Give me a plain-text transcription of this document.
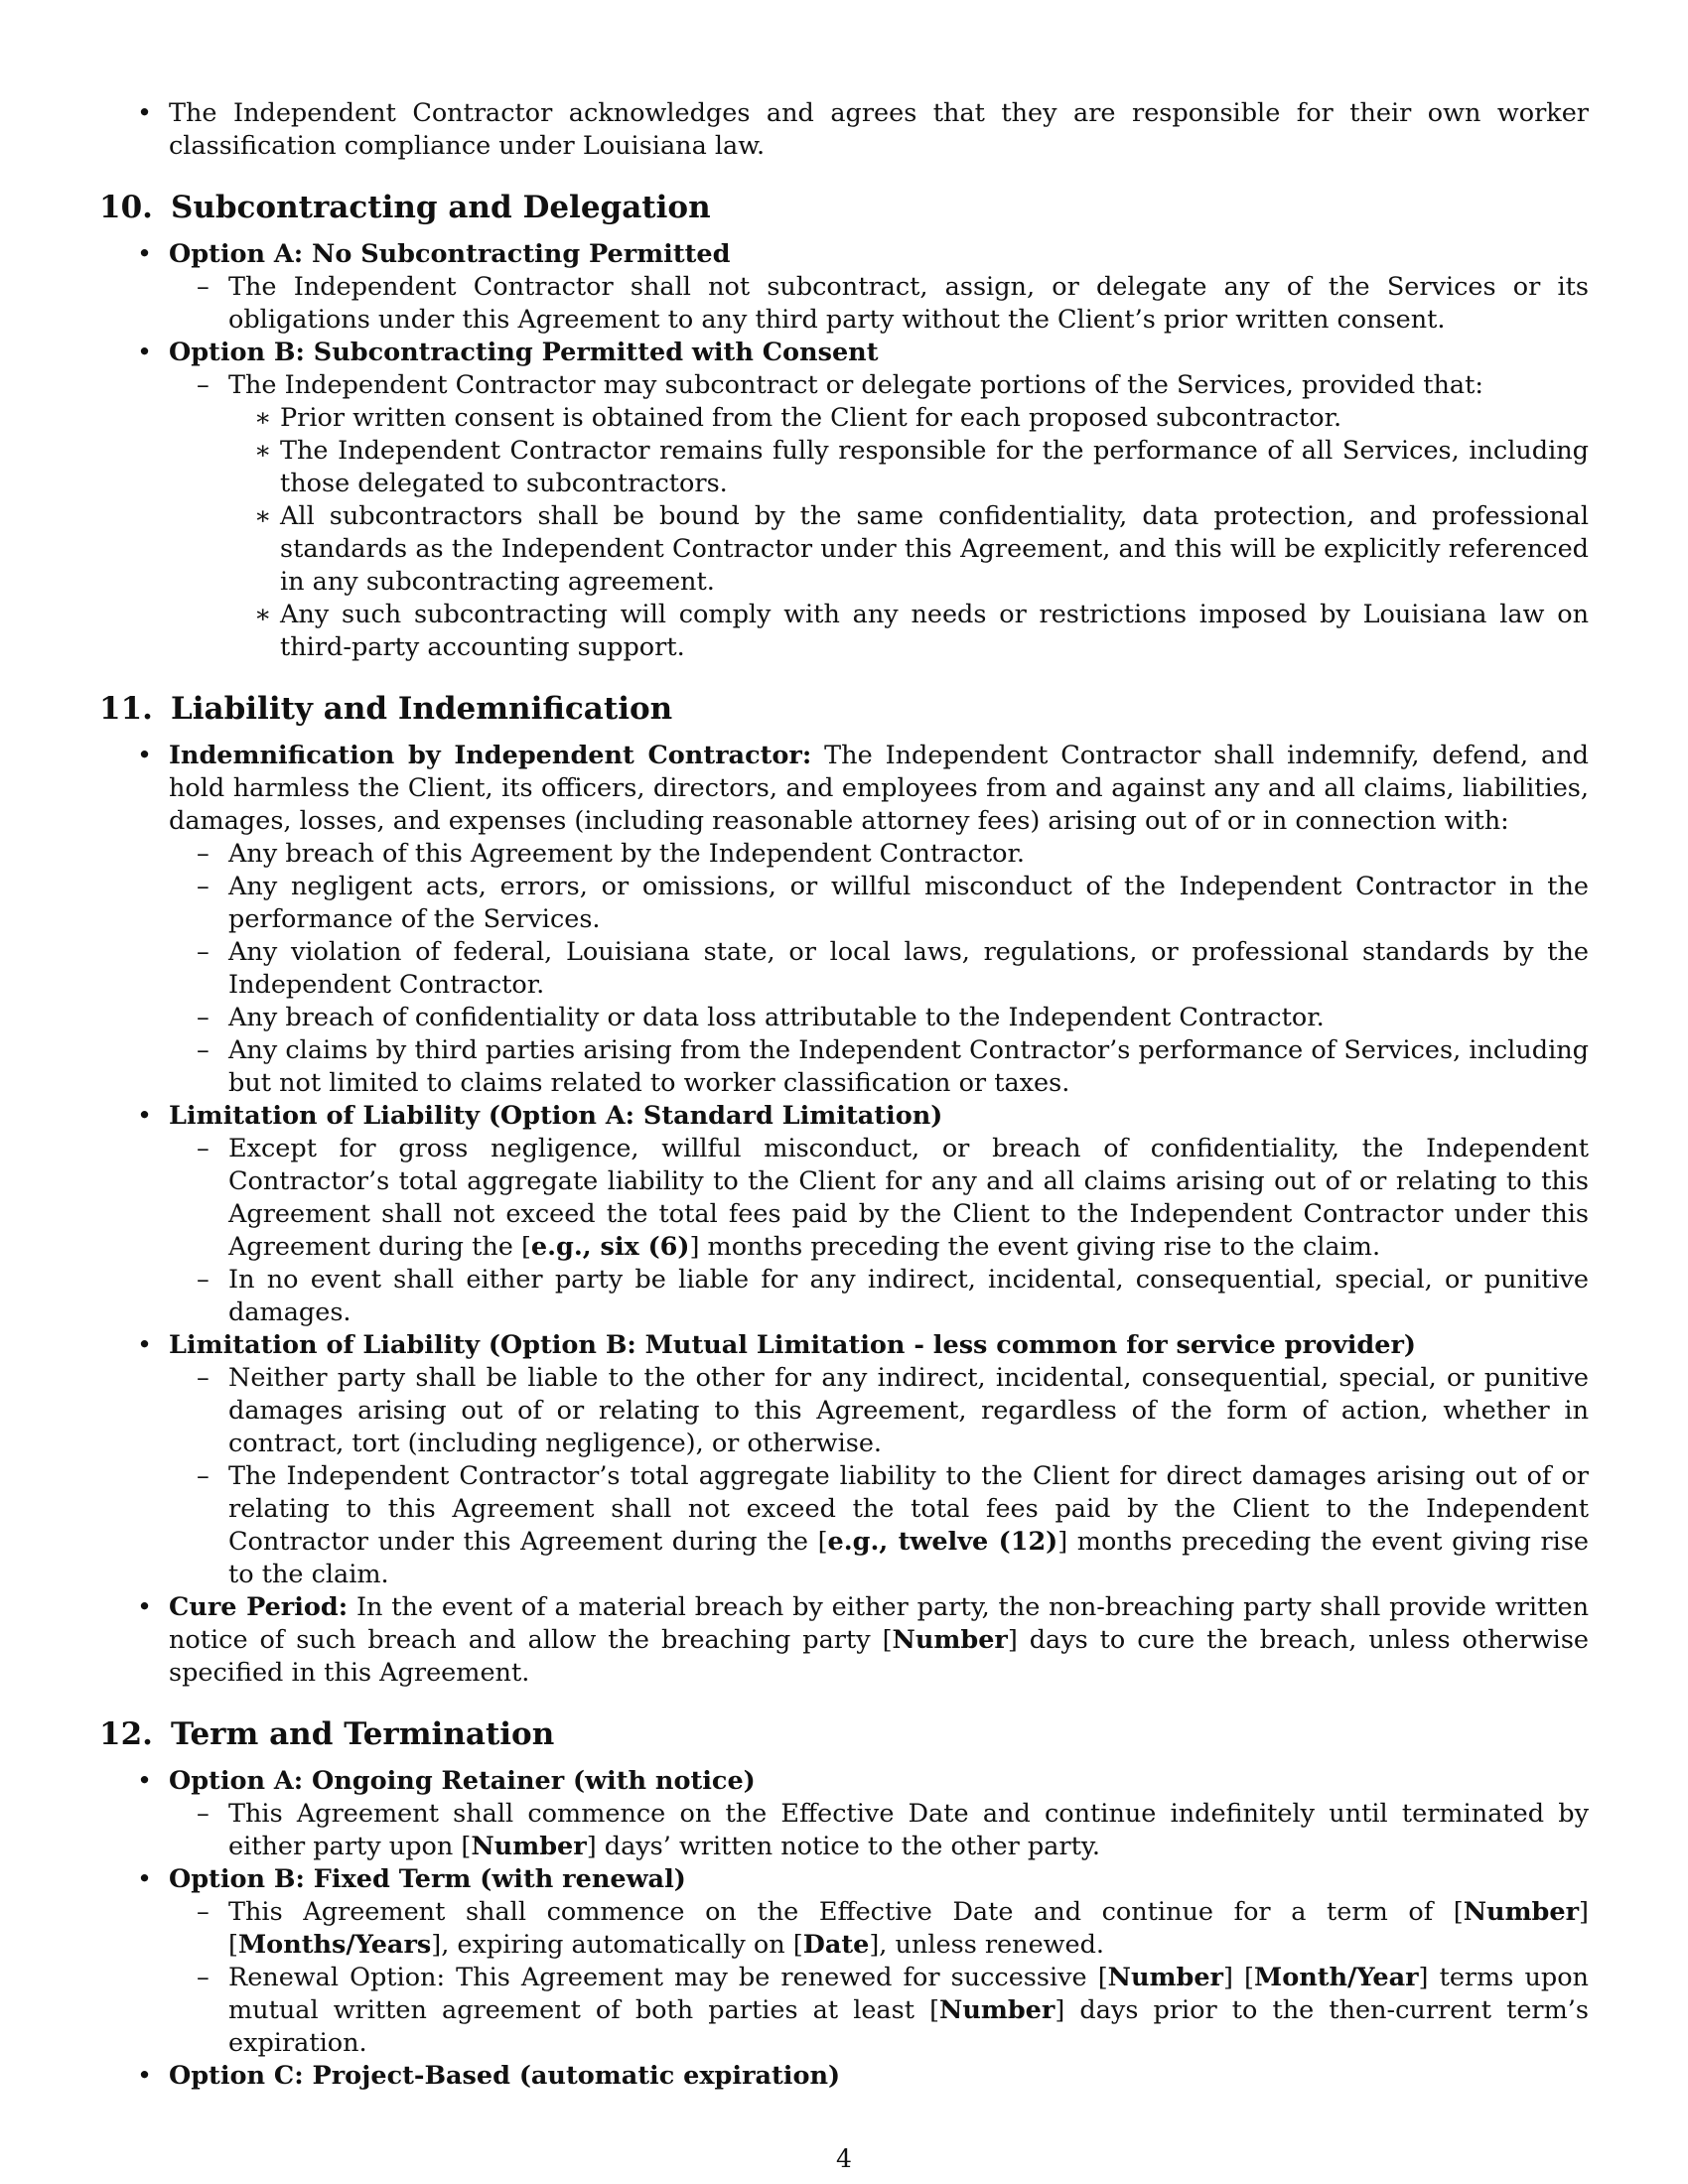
• The Independent Contractor acknowledges and agrees that they are responsible for their own worker classification compliance under Louisiana law.

10. Subcontracting and Delegation
• Option A: No Subcontracting Permitted

– The Independent Contractor shall not subcontract, assign, or delegate any of the Services or its obligations under this Agreement to any third party without the Client’s prior written consent.

• Option B: Subcontracting Permitted with Consent

– The Independent Contractor may subcontract or delegate portions of the Services, provided that:

∗ Prior written consent is obtained from the Client for each proposed subcontractor.

∗ The Independent Contractor remains fully responsible for the performance of all Services, including those delegated to subcontractors.

∗ All subcontractors shall be bound by the same confidentiality, data protection, and professional standards as the Independent Contractor under this Agreement, and this will be explicitly referenced in any subcontracting agreement.

∗ Any such subcontracting will comply with any needs or restrictions imposed by Louisiana law on third-party accounting support.

11. Liability and Indemnification
• Indemnification by Independent Contractor: The Independent Contractor shall indemnify, defend, and hold harmless the Client, its officers, directors, and employees from and against any and all claims, liabilities, damages, losses, and expenses (including reasonable attorney fees) arising out of or in connection with:

– Any breach of this Agreement by the Independent Contractor.

– Any negligent acts, errors, or omissions, or willful misconduct of the Independent Contractor in the performance of the Services.

– Any violation of federal, Louisiana state, or local laws, regulations, or professional standards by the Independent Contractor.

– Any breach of confidentiality or data loss attributable to the Independent Contractor.

– Any claims by third parties arising from the Independent Contractor’s performance of Services, including but not limited to claims related to worker classification or taxes.

• Limitation of Liability (Option A: Standard Limitation)

– Except for gross negligence, willful misconduct, or breach of confidentiality, the Independent Contractor’s total aggregate liability to the Client for any and all claims arising out of or relating to this Agreement shall not exceed the total fees paid by the Client to the Independent Contractor under this Agreement during the [e.g., six (6)] months preceding the event giving rise to the claim.

– In no event shall either party be liable for any indirect, incidental, consequential, special, or punitive damages.

• Limitation of Liability (Option B: Mutual Limitation - less common for service provider)

– Neither party shall be liable to the other for any indirect, incidental, consequential, special, or punitive damages arising out of or relating to this Agreement, regardless of the form of action, whether in contract, tort (including negligence), or otherwise.

– The Independent Contractor’s total aggregate liability to the Client for direct damages arising out of or relating to this Agreement shall not exceed the total fees paid by the Client to the Independent Contractor under this Agreement during the [e.g., twelve (12)] months preceding the event giving rise to the claim.

• Cure Period: In the event of a material breach by either party, the non-breaching party shall provide written notice of such breach and allow the breaching party [Number] days to cure the breach, unless otherwise specified in this Agreement.

12. Term and Termination
• Option A: Ongoing Retainer (with notice)

– This Agreement shall commence on the Effective Date and continue indefinitely until terminated by either party upon [Number] days’ written notice to the other party.

• Option B: Fixed Term (with renewal)

– This Agreement shall commence on the Effective Date and continue for a term of [Number] [Months/Years], expiring automatically on [Date], unless renewed.

– Renewal Option: This Agreement may be renewed for successive [Number] [Month/Year] terms upon mutual written agreement of both parties at least [Number] days prior to the then-current term’s expiration.

• Option C: Project-Based (automatic expiration)

4
